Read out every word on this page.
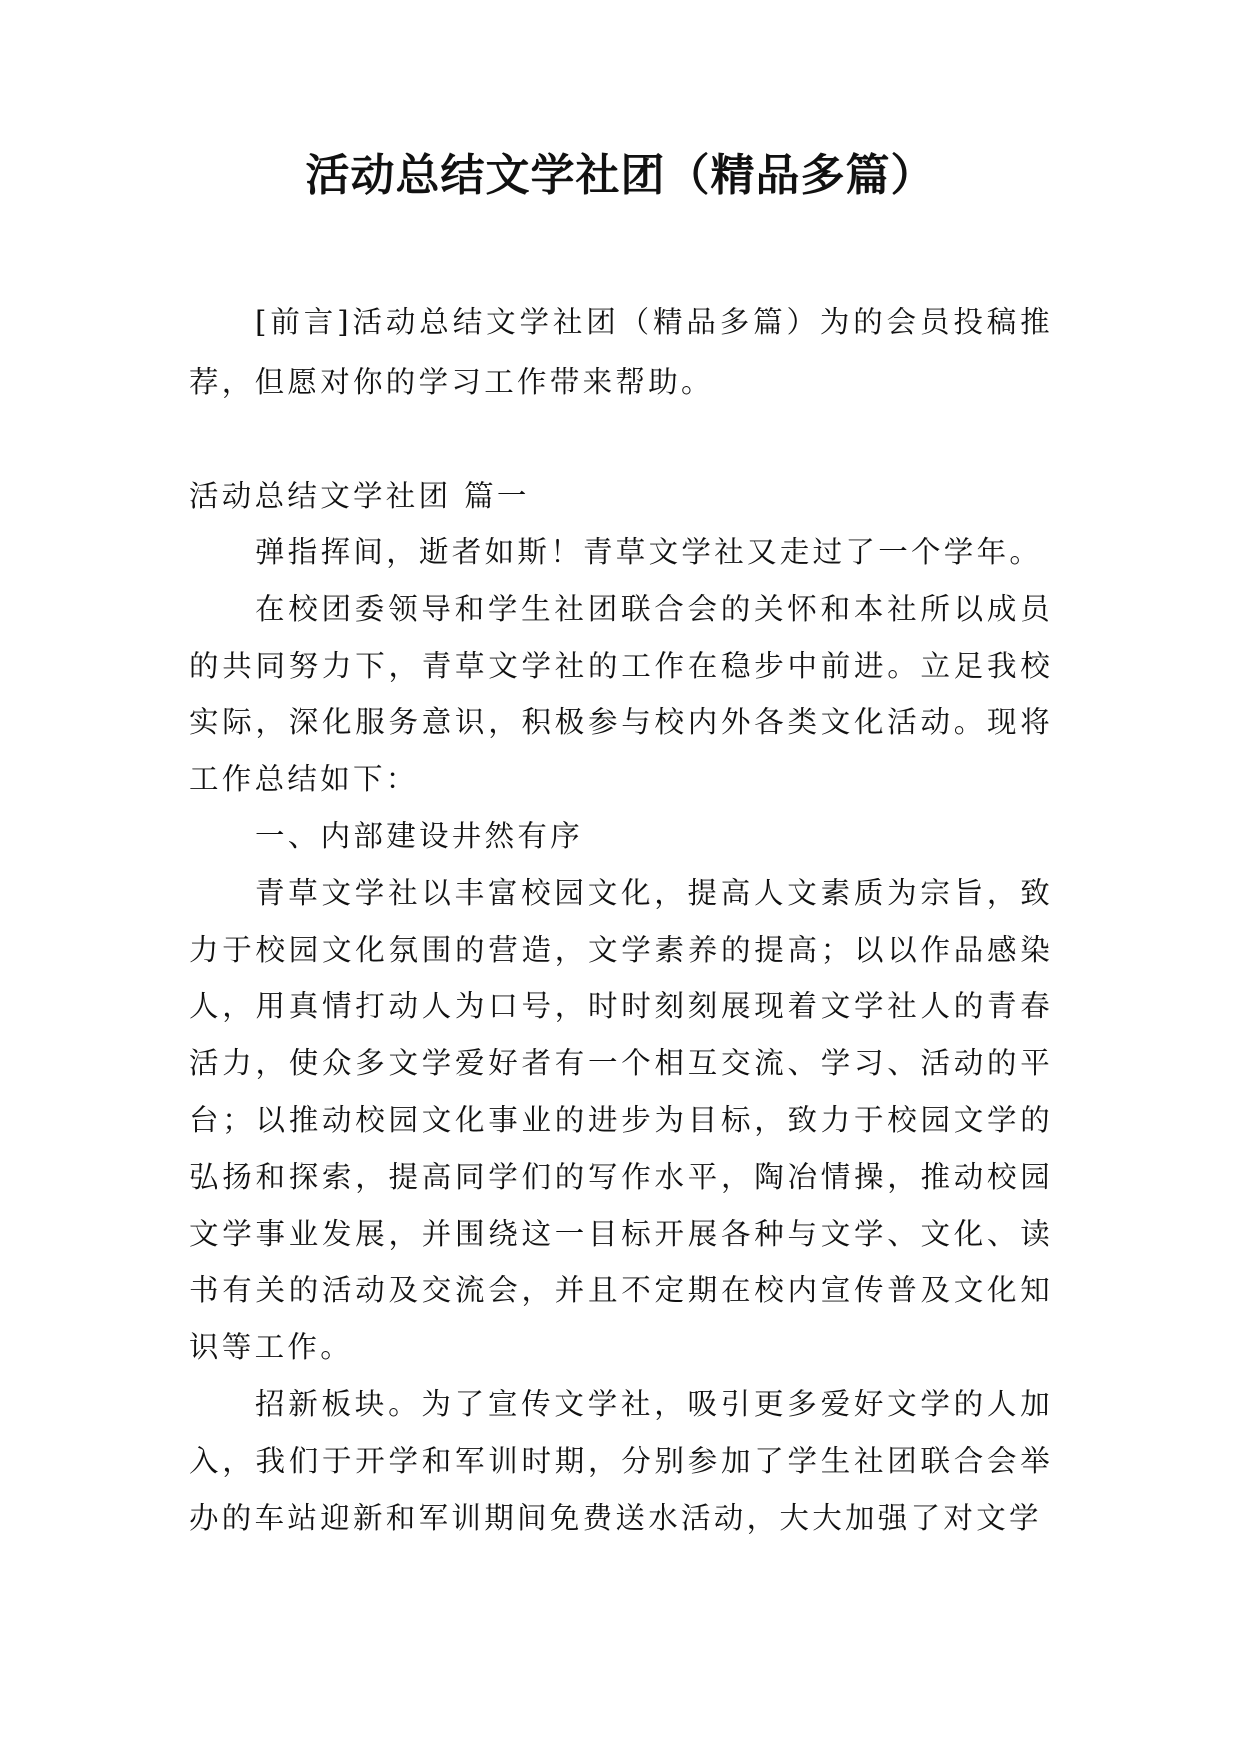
活动总结文学社团（精品多篇）

[前言]活动总结文学社团（精品多篇）为的会员投稿推荐，但愿对你的学习工作带来帮助。

活动总结文学社团 篇一

弹指挥间，逝者如斯！青草文学社又走过了一个学年。

在校团委领导和学生社团联合会的关怀和本社所以成员的共同努力下，青草文学社的工作在稳步中前进。立足我校实际，深化服务意识，积极参与校内外各类文化活动。现将工作总结如下：

一、内部建设井然有序

青草文学社以丰富校园文化，提高人文素质为宗旨，致力于校园文化氛围的营造，文学素养的提高；以以作品感染人，用真情打动人为口号，时时刻刻展现着文学社人的青春活力，使众多文学爱好者有一个相互交流、学习、活动的平台；以推动校园文化事业的进步为目标，致力于校园文学的弘扬和探索，提高同学们的写作水平，陶冶情操，推动校园文学事业发展，并围绕这一目标开展各种与文学、文化、读书有关的活动及交流会，并且不定期在校内宣传普及文化知识等工作。

招新板块。为了宣传文学社，吸引更多爱好文学的人加入，我们于开学和军训时期，分别参加了学生社团联合会举办的车站迎新和军训期间免费送水活动，大大加强了对文学
